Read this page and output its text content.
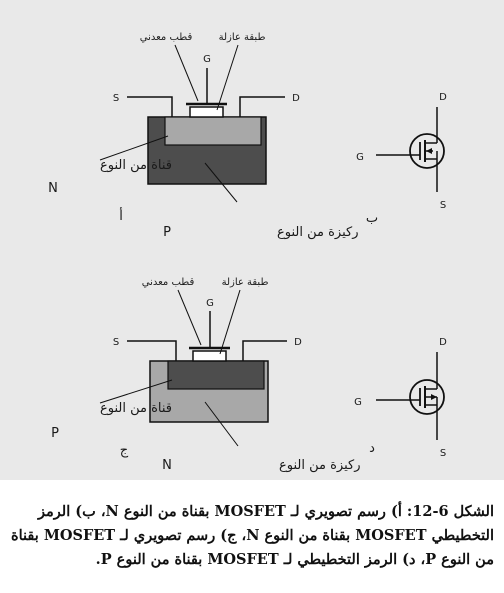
G
S	D
قطب معدني	طبقة عازلة
قناة من النوع
N
ركيزة من النوع
P
أ
G
D
S
ب
G
S	D
قطب معدني	طبقة عازلة
قناة من النوع
P
ركيزة من النوع
N
ج
G
D
S
د
الشكل 6-12: أ) رسم تصويري لـ MOSFET بقناة من النوع N، ب) الرمز التخطيطي MOSFET بقناة من النوع N، ج) رسم تصويري لـ MOSFET بقناة من النوع P، د) الرمز التخطيطي لـ MOSFET بقناة من النوع P.
